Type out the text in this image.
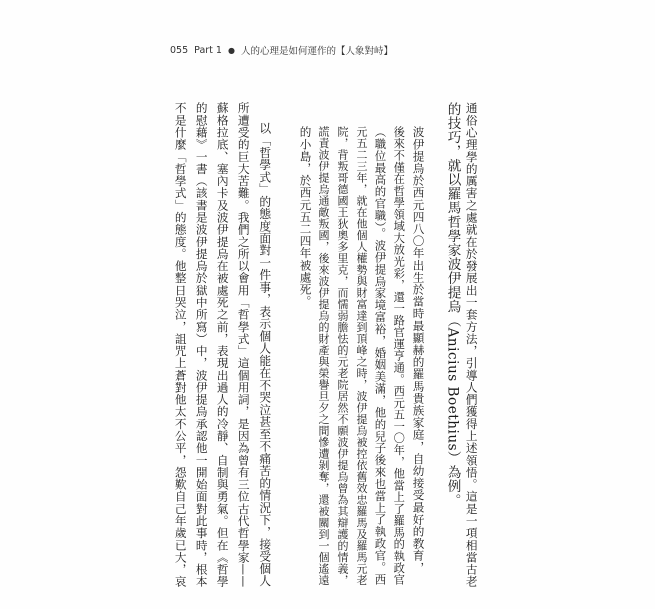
055 Part 1 ● 人的心理是如何運作的【人象對峙】
通俗心理學的厲害之處就在於發展出一套方法，引導人們獲得上述領悟。這是一項相當古老
的技巧，就以羅馬哲學家波伊提烏（Anicius Boethius）為例。
波伊提烏於西元四八〇年出生於當時最顯赫的羅馬貴族家庭，自幼接受最好的教育，
後來不僅在哲學領域大放光彩，還一路官運亨通。西元五一〇年，他當上了羅馬的執政官
（職位最高的官職）。波伊提烏家境富裕，婚姻美滿，他的兒子後來也當上了執政官。西
元五二三年，就在他個人權勢與財富達到頂峰之時，波伊提烏被控依舊效忠羅馬及羅馬元老
院，背叛哥德國王狄奧多里克，而懦弱膽怯的元老院居然不願波伊提烏曾為其辯護的情義，
謊責波伊提烏通敵叛國，後來波伊提烏的財產與榮譽旦夕之間慘遭剝奪，還被關到一個遙遠
的小島，於西元五二四年被處死。
以「哲學式」的態度面對一件事，表示個人能在不哭泣甚至不痛苦的情況下，接受個人
所遭受的巨大苦難。我們之所以會用「哲學式」這個用詞，是因為曾有三位古代哲學家——
蘇格拉底、塞內卡及波伊提烏在被處死之前，表現出過人的冷靜、自制與勇氣。但在《哲學
的慰藉》一書（該書是波伊提烏於獄中所寫）中，波伊提烏承認他一開始面對此事時，根本
不是什麼「哲學式」的態度。他整日哭泣，詛咒上蒼對他太不公平，怨歎自己年歲已大，哀
